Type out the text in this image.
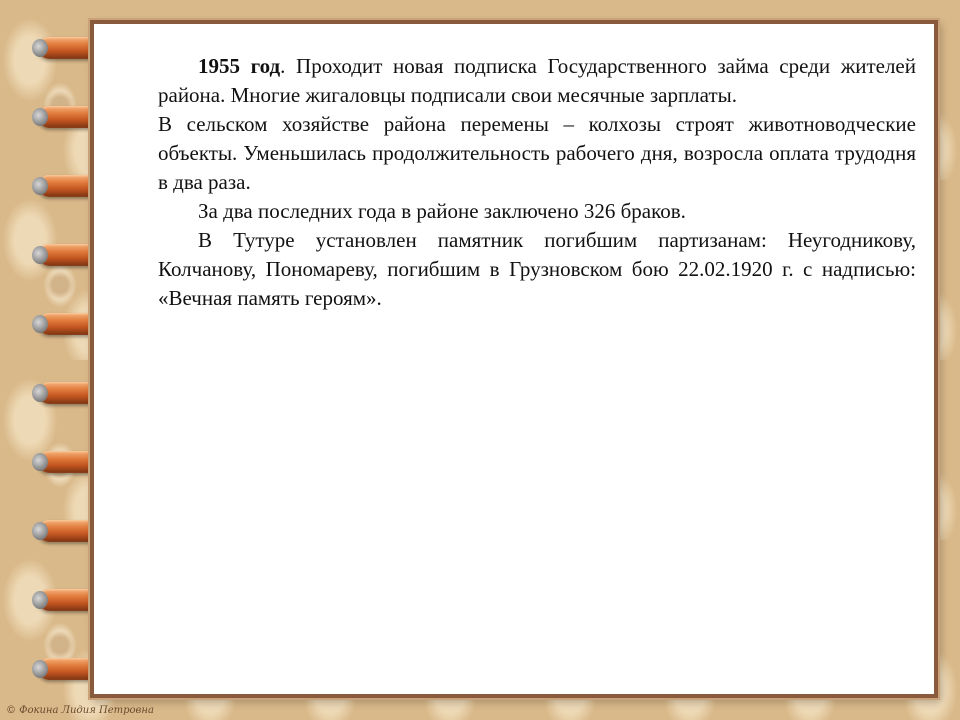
1955 год. Проходит новая подписка Государственного займа среди жителей района. Многие жигаловцы подписали свои месячные зарплаты.

В сельском хозяйстве района перемены – колхозы строят животноводческие объекты. Уменьшилась продолжительность рабочего дня, возросла оплата трудодня в два раза.

За два последних года в районе заключено 326 браков.

В Тутуре установлен памятник погибшим партизанам: Неугодникову, Колчанову, Пономареву, погибшим в Грузновском бою 22.02.1920 г. с надписью: «Вечная память героям».

© Фокина Лидия Петровна
